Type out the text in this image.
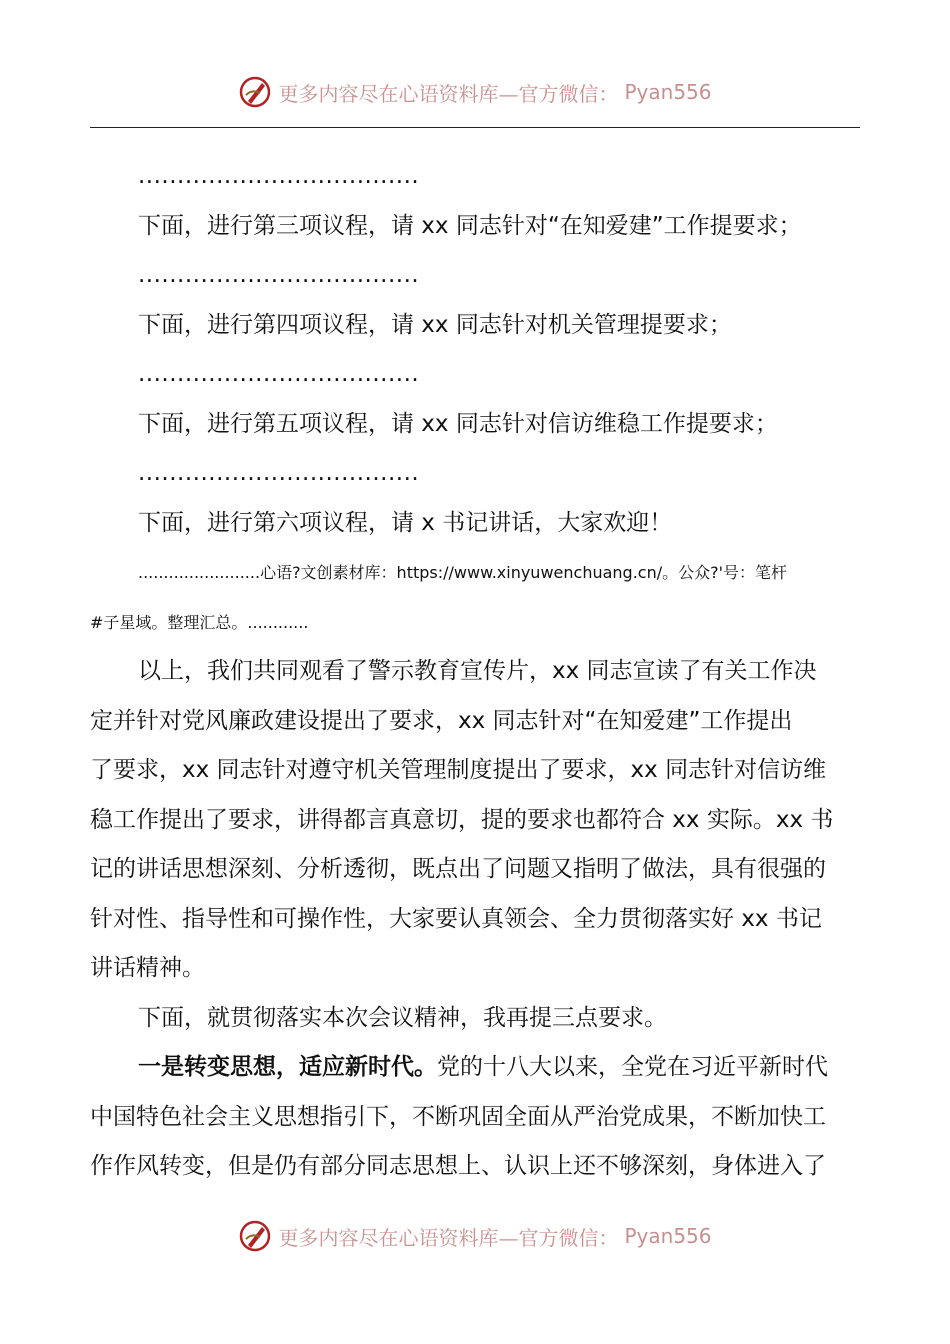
更多内容尽在心语资料库—官方微信： Pyan556
....................................
下面，进行第三项议程，请 xx 同志针对“在知爱建”工作提要求；
....................................
下面，进行第四项议程，请 xx 同志针对机关管理提要求；
....................................
下面，进行第五项议程，请 xx 同志针对信访维稳工作提要求；
....................................
下面，进行第六项议程，请 x 书记讲话，大家欢迎！
........................心语?文创素材库：https://www.xinyuwenchuang.cn/。公众?'号：笔杆
#子星域。整理汇总。............
以上，我们共同观看了警示教育宣传片，xx 同志宣读了有关工作决
定并针对党风廉政建设提出了要求，xx 同志针对“在知爱建”工作提出
了要求，xx 同志针对遵守机关管理制度提出了要求，xx 同志针对信访维
稳工作提出了要求，讲得都言真意切，提的要求也都符合 xx 实际。xx 书
记的讲话思想深刻、分析透彻，既点出了问题又指明了做法，具有很强的
针对性、指导性和可操作性，大家要认真领会、全力贯彻落实好 xx 书记
讲话精神。
下面，就贯彻落实本次会议精神，我再提三点要求。
一是转变思想，适应新时代。党的十八大以来，全党在习近平新时代
中国特色社会主义思想指引下，不断巩固全面从严治党成果，不断加快工
作作风转变，但是仍有部分同志思想上、认识上还不够深刻，身体进入了
更多内容尽在心语资料库—官方微信： Pyan556
